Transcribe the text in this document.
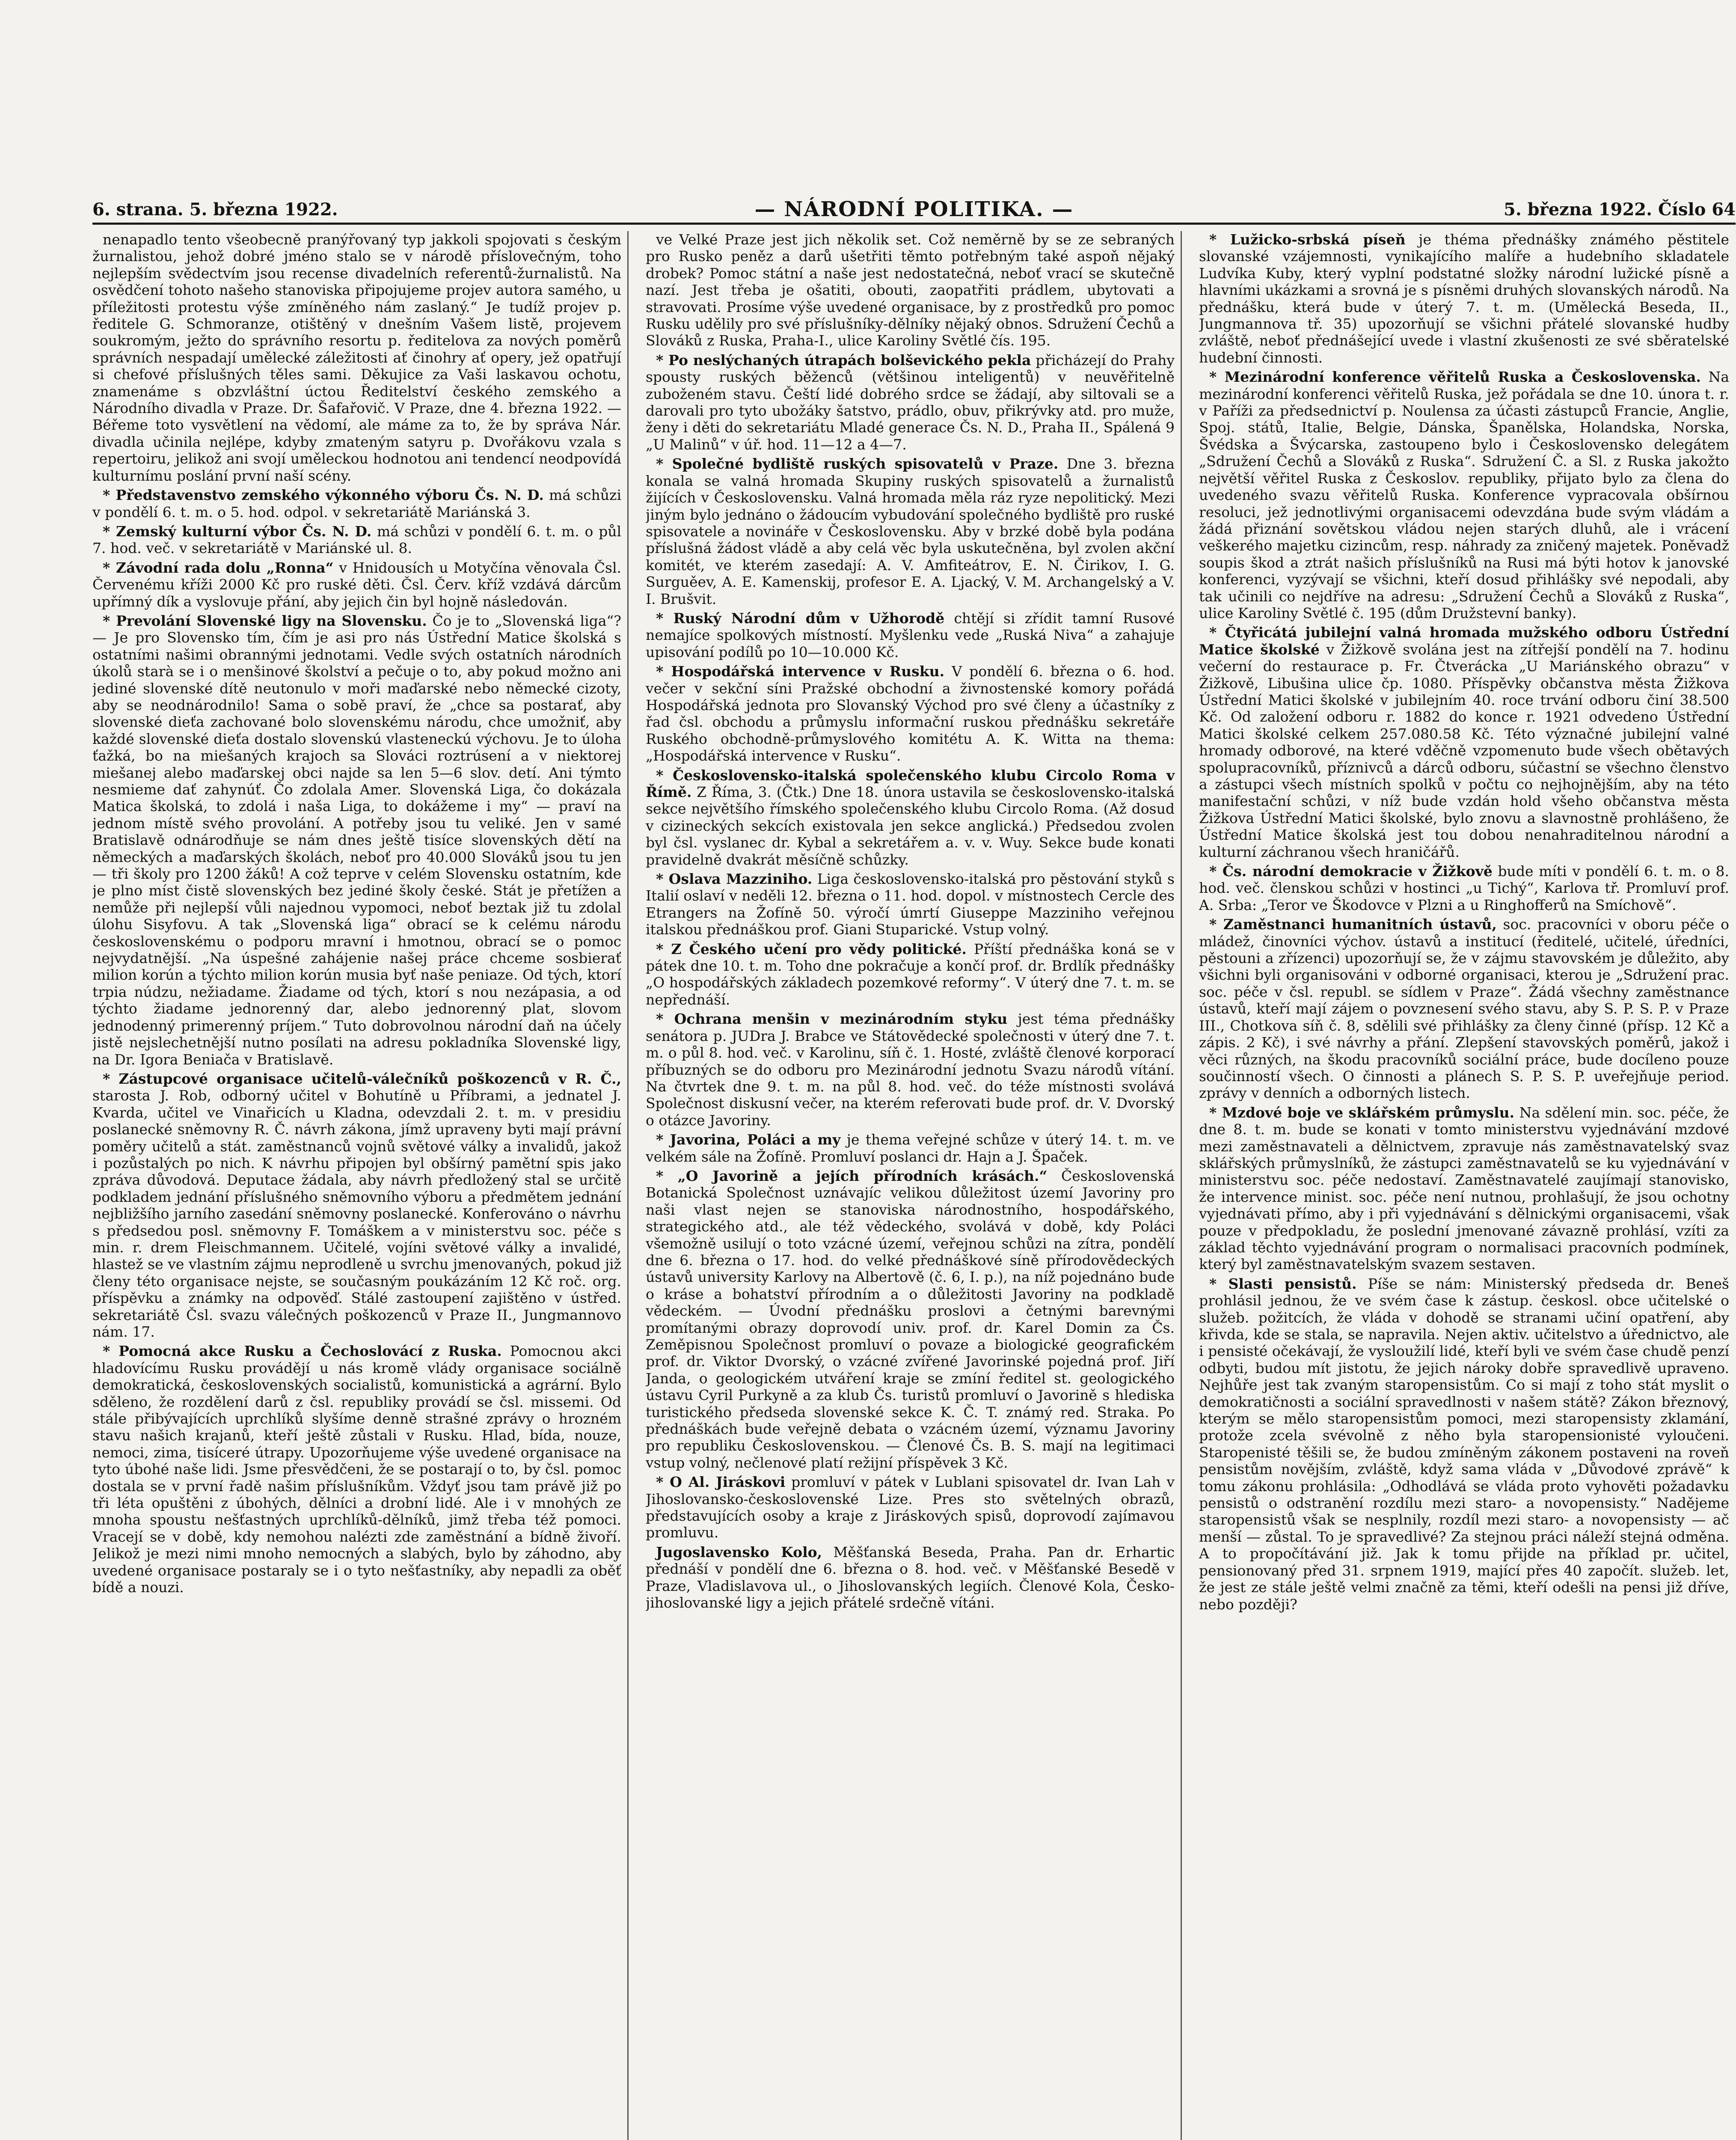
6. strana. 5. března 1922.	— NÁRODNÍ POLITIKA. —	5. března 1922. Číslo 64

nenapadlo tento všeobecně pranýřovaný typ jakkoli spojovati s českým žurnalistou, jehož dobré jméno stalo se v národě příslovečným, toho nejlepším svědectvím jsou recense divadelních referentů-žurnalistů. Na osvědčení tohoto našeho stanoviska připojujeme projev autora samého, u příležitosti protestu výše zmíněného nám zaslaný.“ Je tudíž projev p. ředitele G. Schmoranze, otištěný v dnešním Vašem listě, projevem soukromým, ježto do správního resortu p. ředitelova za nových poměrů správních nespadají umělecké záležitosti ať činohry ať opery, jež opatřují si chefové příslušných těles sami. Děkujice za Vaši laskavou ochotu, znamenáme s obzvláštní úctou Ředitelství českého zemského a Národního divadla v Praze. Dr. Šafařovič. V Praze, dne 4. března 1922. — Béřeme toto vysvětlení na vědomí, ale máme za to, že by správa Nár. divadla učinila nejlépe, kdyby zmateným satyru p. Dvořákovu vzala s repertoiru, jelikož ani svojí uměleckou hodnotou ani tendencí neodpovídá kulturnímu poslání první naší scény.

* Představenstvo zemského výkonného výboru Čs. N. D. má schůzi v pondělí 6. t. m. o 5. hod. odpol. v sekretariátě Mariánská 3.

* Zemský kulturní výbor Čs. N. D. má schůzi v pondělí 6. t. m. o půl 7. hod. več. v sekretariátě v Mariánské ul. 8.

* Závodní rada dolu „Ronna“ v Hnidousích u Motyčína věnovala Čsl. Červenému kříži 2000 Kč pro ruské děti. Čsl. Červ. kříž vzdává dárcům upřímný dík a vyslovuje přání, aby jejich čin byl hojně následován.

* Prevolání Slovenské ligy na Slovensku. Čo je to „Slovenská liga“? — Je pro Slovensko tím, čím je asi pro nás Ústřední Matice školská s ostatními našimi obrannými jednotami. Vedle svých ostatních národních úkolů starà se i o menšinové školství a pečuje o to, aby pokud možno ani jediné slovenské dítě neutonulo v moři maďarské nebo německé cizoty, aby se neodnárodnilo! Sama o sobě praví, že „chce sa postarať, aby slovenské dieťa zachované bolo slovenskému národu, chce umožniť, aby každé slovenské dieťa dostalo slovenskú vlasteneckú výchovu. Je to úloha ťažká, bo na miešaných krajoch sa Slováci roztrúsení a v niektorej miešanej alebo maďarskej obci najde sa len 5—6 slov. detí. Ani týmto nesmieme dať zahynúť. Čo zdolala Amer. Slovenská Liga, čo dokázala Matica školská, to zdolá i naša Liga, to dokážeme i my“ — praví na jednom místě svého provolání. A potřeby jsou tu veliké. Jen v samé Bratislavě odnárodňuje se nám dnes ještě tisíce slovenských dětí na německých a maďarských školách, neboť pro 40.000 Slováků jsou tu jen — tři školy pro 1200 žáků! A což teprve v celém Slovensku ostatním, kde je plno míst čistě slovenských bez jediné školy české. Stát je přetížen a nemůže při nejlepší vůli najednou vypomoci, neboť beztak již tu zdolal úlohu Sisyfovu. A tak „Slovenská liga“ obrací se k celému národu československému o podporu mravní i hmotnou, obrací se o pomoc nejvydatnější. „Na úspešné zahájenie našej práce chceme sosbierať milion korún a týchto milion korún musia byť naše peniaze. Od tých, ktorí trpia núdzu, nežiadame. Žiadame od tých, ktorí s nou nezápasia, a od týchto žiadame jednorenný dar, alebo jednorenný plat, slovom jednodenný primerenný príjem.“ Tuto dobrovolnou národní daň na účely jistě nejslechetnější nutno posílati na adresu pokladníka Slovenské ligy, na Dr. Igora Beniača v Bratislavě.

* Zástupcové organisace učitelů-válečníků poškozenců v R. Č., starosta J. Rob, odborný učitel v Bohutíně u Příbrami, a jednatel J. Kvarda, učitel ve Vinařicích u Kladna, odevzdali 2. t. m. v presidiu poslanecké sněmovny R. Č. návrh zákona, jímž upraveny byti mají právní poměry učitelů a stát. zaměstnanců vojnů světové války a invalidů, jakož i pozůstalých po nich. K návrhu připojen byl obšírný pamětní spis jako zpráva důvodová. Deputace žádala, aby návrh předložený stal se určitě podkladem jednání příslušného sněmovního výboru a předmětem jednání nejbližšího jarního zasedání sněmovny poslanecké. Konferováno o návrhu s předsedou posl. sněmovny F. Tomáškem a v ministerstvu soc. péče s min. r. drem Fleischmannem. Učitelé, vojíni světové války a invalidé, hlastež se ve vlastním zájmu neprodleně u svrchu jmenovaných, pokud již členy této organisace nejste, se současným poukázáním 12 Kč roč. org. příspěvku a známky na odpověď. Stálé zastoupení zajištěno v ústřed. sekretariátě Čsl. svazu válečných poškozenců v Praze II., Jungmannovo nám. 17.

* Pomocná akce Rusku a Čechoslovácí z Ruska. Pomocnou akci hladovícímu Rusku provádějí u nás kromě vlády organisace sociálně demokratická, československých socialistů, komunistická a agrární. Bylo sděleno, že rozdělení darů z čsl. republiky provádí se čsl. missemi. Od stále přibývajících uprchlíků slyšíme denně strašné zprávy o hrozném stavu našich krajanů, kteří ještě zůstali v Rusku. Hlad, bída, nouze, nemoci, zima, tisíceré útrapy. Upozorňujeme výše uvedené organisace na tyto úbohé naše lidi. Jsme přesvědčeni, že se postarají o to, by čsl. pomoc dostala se v první řadě našim příslušníkům. Vždyť jsou tam právě již po tři léta opuštěni z úbohých, dělníci a drobní lidé. Ale i v mnohých ze mnoha spoustu nešťastných uprchlíků-dělníků, jimž třeba též pomoci. Vracejí se v době, kdy nemohou nalézti zde zaměstnání a bídně živoří. Jelikož je mezi nimi mnoho nemocných a slabých, bylo by záhodno, aby uvedené organisace postaraly se i o tyto nešťastníky, aby nepadli za oběť bídě a nouzi.

ve Velké Praze jest jich několik set. Což neměrně by se ze sebraných pro Rusko peněz a darů ušetřiti těmto potřebným také aspoň nějaký drobek? Pomoc státní a naše jest nedostatečná, neboť vrací se skutečně nazí. Jest třeba je ošatiti, obouti, zaopatřiti prádlem, ubytovati a stravovati. Prosíme výše uvedené organisace, by z prostředků pro pomoc Rusku udělily pro své příslušníky-dělníky nějaký obnos. Sdružení Čechů a Slováků z Ruska, Praha-I., ulice Karoliny Světlé čís. 195.

* Po neslýchaných útrapách bolševického pekla přicházejí do Prahy spousty ruských běženců (většinou inteligentů) v neuvěřitelně zuboženém stavu. Čeští lidé dobrého srdce se žádají, aby siltovali se a darovali pro tyto ubožáky šatstvo, prádlo, obuv, přikrývky atd. pro muže, ženy i děti do sekretariátu Mladé generace Čs. N. D., Praha II., Spálená 9 „U Malinů“ v úř. hod. 11—12 a 4—7.

* Společné bydliště ruských spisovatelů v Praze. Dne 3. března konala se valná hromada Skupiny ruských spisovatelů a žurnalistů žijících v Československu. Valná hromada měla ráz ryze nepolitický. Mezi jiným bylo jednáno o žádoucím vybudování společného bydliště pro ruské spisovatele a novináře v Československu. Aby v brzké době byla podána příslušná žádost vládě a aby celá věc byla uskutečněna, byl zvolen akční komitét, ve kterém zasedají: A. V. Amfiteátrov, E. N. Čirikov, I. G. Surguěev, A. E. Kamenskij, profesor E. A. Ljacký, V. M. Archangelský a V. I. Brušvit.

* Ruský Národní dům v Užhorodě chtějí si zřídit tamní Rusové nemajíce spolkových místností. Myšlenku vede „Ruská Niva“ a zahajuje upisování podílů po 10—10.000 Kč.

* Hospodářská intervence v Rusku. V pondělí 6. března o 6. hod. večer v sekční síni Pražské obchodní a živnostenské komory pořádá Hospodářská jednota pro Slovanský Východ pro své členy a účastníky z řad čsl. obchodu a průmyslu informační ruskou přednášku sekretáře Ruského obchodně-průmyslového komitétu A. K. Witta na thema: „Hospodářská intervence v Rusku“.

* Československo-italská společenského klubu Circolo Roma v Římě. Z Říma, 3. (Čtk.) Dne 18. února ustavila se československo-italská sekce největšího římského společenského klubu Circolo Roma. (Až dosud v cizineckých sekcích existovala jen sekce anglická.) Předsedou zvolen byl čsl. vyslanec dr. Kybal a sekretářem a. v. v. Wuy. Sekce bude konati pravidelně dvakrát měsíčně schůzky.

* Oslava Mazziniho. Liga československo-italská pro pěstování styků s Italií oslaví v neděli 12. března o 11. hod. dopol. v místnostech Cercle des Etrangers na Žofíně 50. výročí úmrtí Giuseppe Mazziniho veřejnou italskou přednáškou prof. Giani Stuparické. Vstup volný.

* Z Českého učení pro vědy politické. Příští přednáška koná se v pátek dne 10. t. m. Toho dne pokračuje a končí prof. dr. Brdlík přednášky „O hospodářských základech pozemkové reformy“. V úterý dne 7. t. m. se nepřednáší.

* Ochrana menšin v mezinárodním styku jest téma přednášky senátora p. JUDra J. Brabce ve Státovědecké společnosti v úterý dne 7. t. m. o půl 8. hod. več. v Karolinu, síň č. 1. Hosté, zvláště členové korporací příbuzných se do odboru pro Mezinárodní jednotu Svazu národů vítání. Na čtvrtek dne 9. t. m. na půl 8. hod. več. do téže místnosti svolává Společnost diskusní večer, na kterém referovati bude prof. dr. V. Dvorský o otázce Javoriny.

* Javorina, Poláci a my je thema veřejné schůze v úterý 14. t. m. ve velkém sále na Žofíně. Promluví poslanci dr. Hajn a J. Špaček.

* „O Javorině a jejích přírodních krásách.“ Československá Botanická Společnost uznávajíc velikou důležitost území Javoriny pro naši vlast nejen se stanoviska národnostního, hospodářského, strategického atd., ale též vědeckého, svolává v době, kdy Poláci všemožně usilují o toto vzácné území, veřejnou schůzi na zítra, pondělí dne 6. března o 17. hod. do velké přednáškové síně přírodovědeckých ústavů university Karlovy na Albertově (č. 6, I. p.), na níž pojednáno bude o kráse a bohatství přírodním a o důležitosti Javoriny na podkladě vědeckém. — Úvodní přednášku proslovi a četnými barevnými promítanými obrazy doprovodí univ. prof. dr. Karel Domin za Čs. Zeměpisnou Společnost promluví o povaze a biologické geografickém prof. dr. Viktor Dvorský, o vzácné zvířené Javorinské pojedná prof. Jiří Janda, o geologickém utváření kraje se zmíní ředitel st. geologického ústavu Cyril Purkyně a za klub Čs. turistů promluví o Javorině s hlediska turistického předseda slovenské sekce K. Č. T. známý red. Straka. Po přednáškách bude veřejně debata o vzácném území, významu Javoriny pro republiku Československou. — Členové Čs. B. S. mají na legitimaci vstup volný, nečlenové platí režijní příspěvek 3 Kč.

* O Al. Jiráskovi promluví v pátek v Lublani spisovatel dr. Ivan Lah v Jihoslovansko-československé Lize. Pres sto světelných obrazů, představujících osoby a kraje z Jiráskových spisů, doprovodí zajímavou promluvu.

Jugoslavensko Kolo, Měšťanská Beseda, Praha. Pan dr. Erhartic přednáší v pondělí dne 6. března o 8. hod. več. v Měšťanské Besedě v Praze, Vladislavova ul., o Jihoslovanských legiích. Členové Kola, Česko-jihoslovanské ligy a jejich přátelé srdečně vítáni.

* Lužicko-srbská píseň je théma přednášky známého pěstitele slovanské vzájemnosti, vynikajícího malíře a hudebního skladatele Ludvíka Kuby, který vyplní podstatné složky národní lužické písně a hlavními ukázkami a srovná je s písněmi druhých slovanských národů. Na přednášku, která bude v úterý 7. t. m. (Umělecká Beseda, II., Jungmannova tř. 35) upozorňují se všichni přátelé slovanské hudby zvláště, neboť přednášející uvede i vlastní zkušenosti ze své sběratelské hudební činnosti.

* Mezinárodní konference věřitelů Ruska a Československa. Na mezinárodní konferenci věřitelů Ruska, jež pořádala se dne 10. února t. r. v Paříži za předsednictví p. Noulensa za účasti zástupců Francie, Anglie, Spoj. států, Italie, Belgie, Dánska, Španělska, Holandska, Norska, Švédska a Švýcarska, zastoupeno bylo i Československo delegátem „Sdružení Čechů a Slováků z Ruska“. Sdružení Č. a Sl. z Ruska jakožto největší věřitel Ruska z Českoslov. republiky, přijato bylo za člena do uvedeného svazu věřitelů Ruska. Konference vypracovala obšírnou resoluci, jež jednotlivými organisacemi odevzdána bude svým vládám a žádá přiznání sovětskou vládou nejen starých dluhů, ale i vrácení veškerého majetku cizincům, resp. náhrady za zničený majetek. Poněvadž soupis škod a ztrát našich příslušníků na Rusi má býti hotov k janovské konferenci, vyzývají se všichni, kteří dosud přihlášky své nepodali, aby tak učinili co nejdříve na adresu: „Sdružení Čechů a Slováků z Ruska“, ulice Karoliny Světlé č. 195 (dům Družstevní banky).

* Čtyřicátá jubilejní valná hromada mužského odboru Ústřední Matice školské v Žižkově svolána jest na zítřejší pondělí na 7. hodinu večerní do restaurace p. Fr. Čtverácka „U Mariánského obrazu“ v Žižkově, Libušina ulice čp. 1080. Příspěvky občanstva města Žižkova Ústřední Matici školské v jubilejním 40. roce trvání odboru činí 38.500 Kč. Od založení odboru r. 1882 do konce r. 1921 odvedeno Ústřední Matici školské celkem 257.080.58 Kč. Této význačné jubilejní valné hromady odborové, na které vděčně vzpomenuto bude všech obětavých spolupracovníků, příznivců a dárců odboru, súčastní se všechno členstvo a zástupci všech místních spolků v počtu co nejhojnějším, aby na této manifestační schůzi, v níž bude vzdán hold všeho občanstva města Žižkova Ústřední Matici školské, bylo znovu a slavnostně prohlášeno, že Ústřední Matice školská jest tou dobou nenahraditelnou národní a kulturní záchranou všech hraničářů.

* Čs. národní demokracie v Žižkově bude míti v pondělí 6. t. m. o 8. hod. več. členskou schůzi v hostinci „u Tichý“, Karlova tř. Promluví prof. A. Srba: „Teror ve Škodovce v Plzni a u Ringhofferů na Smíchově“.

* Zaměstnanci humanitních ústavů, soc. pracovníci v oboru péče o mládež, činovníci výchov. ústavů a institucí (ředitelé, učitelé, úředníci, pěstouni a zřízenci) upozorňují se, že v zájmu stavovském je důležito, aby všichni byli organisováni v odborné organisaci, kterou je „Sdružení prac. soc. péče v čsl. republ. se sídlem v Praze“. Žádá všechny zaměstnance ústavů, kteří mají zájem o povznesení svého stavu, aby S. P. S. P. v Praze III., Chotkova síň č. 8, sdělili své přihlášky za členy činné (přísp. 12 Kč a zápis. 2 Kč), i své návrhy a přání. Zlepšení stavovských poměrů, jakož i věci různých, na škodu pracovníků sociální práce, bude docíleno pouze součinností všech. O činnosti a plánech S. P. S. P. uveřejňuje period. zprávy v denních a odborných listech.

* Mzdové boje ve sklářském průmyslu. Na sdělení min. soc. péče, že dne 8. t. m. bude se konati v tomto ministerstvu vyjednávání mzdové mezi zaměstnavateli a dělnictvem, zpravuje nás zaměstnavatelský svaz sklářských průmyslníků, že zástupci zaměstnavatelů se ku vyjednávání v ministerstvu soc. péče nedostaví. Zaměstnavatelé zaujímají stanovisko, že intervence minist. soc. péče není nutnou, prohlašují, že jsou ochotny vyjednávati přímo, aby i při vyjednávání s dělnickými organisacemi, však pouze v předpokladu, že poslední jmenované závazně prohlásí, vzíti za základ těchto vyjednávání program o normalisaci pracovních podmínek, který byl zaměstnavatelským svazem sestaven.

* Slasti pensistů. Píše se nám: Ministerský předseda dr. Beneš prohlásil jednou, že ve svém čase k zástup. českosl. obce učitelské o služeb. požitcích, že vláda v dohodě se stranami učiní opatření, aby křivda, kde se stala, se napravila. Nejen aktiv. učitelstvo a úřednictvo, ale i pensisté očekávají, že vysloužilí lidé, kteří byli ve svém čase chudě penzí odbyti, budou mít jistotu, že jejich nároky dobře spravedlivě upraveno. Nejhůře jest tak zvaným staropensistům. Co si mají z toho stát myslit o demokratičnosti a sociální spravedlnosti v našem státě? Zákon březnový, kterým se mělo staropensistům pomoci, mezi staropensisty zklamání, protože zcela svévolně z něho byla staropensionisté vyloučeni. Staropenisté těšili se, že budou zmíněným zákonem postaveni na roveň pensistům novějším, zvláště, když sama vláda v „Důvodové zprávě“ k tomu zákonu prohlásila: „Odhodlává se vláda proto vyhověti požadavku pensistů o odstranění rozdílu mezi staro- a novopensisty.“ Nadějeme staropensistů však se nesplnily, rozdíl mezi staro- a novopensisty — ač menší — zůstal. To je spravedlivé? Za stejnou práci náleží stejná odměna. A to propočítávání již. Jak k tomu přijde na příklad pr. učitel, pensionovaný před 31. srpnem 1919, mající přes 40 započít. služeb. let, že jest ze stále ještě velmi značně za těmi, kteří odešli na pensi již dříve, nebo později?
